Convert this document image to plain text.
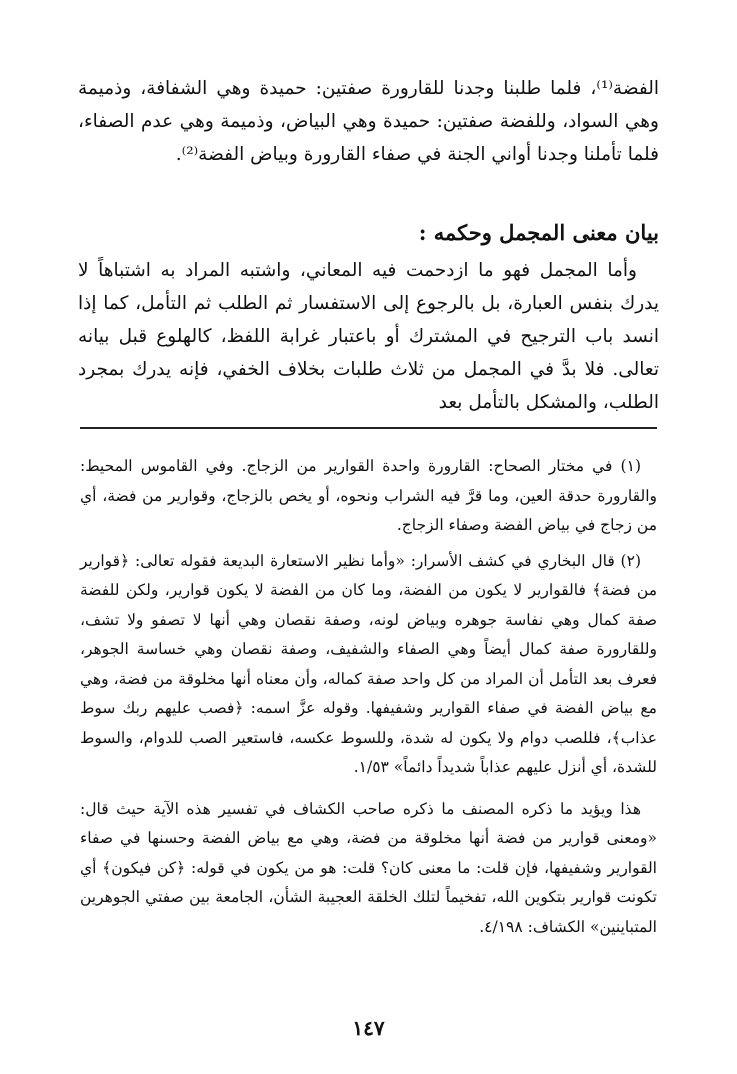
الفضة⁽¹⁾، فلما طلبنا وجدنا للقارورة صفتين: حميدة وهي الشفافة، وذميمة وهي السواد، وللفضة صفتين: حميدة وهي البياض، وذميمة وهي عدم الصفاء، فلما تأملنا وجدنا أواني الجنة في صفاء القارورة وبياض الفضة⁽²⁾.

بيان معنى المجمل وحكمه :

وأما المجمل فهو ما ازدحمت فيه المعاني، واشتبه المراد به اشتباهاً لا يدرك بنفس العبارة، بل بالرجوع إلى الاستفسار ثم الطلب ثم التأمل، كما إذا انسد باب الترجيح في المشترك أو باعتبار غرابة اللفظ، كالهلوع قبل بيانه تعالى. فلا بدَّ في المجمل من ثلاث طلبات بخلاف الخفي، فإنه يدرك بمجرد الطلب، والمشكل بالتأمل بعد

(١) في مختار الصحاح: القارورة واحدة القوارير من الزجاج. وفي القاموس المحيط: والقارورة حدقة العين، وما قرَّ فيه الشراب ونحوه، أو يخص بالزجاج، وقوارير من فضة، أي من زجاج في بياض الفضة وصفاء الزجاج.

(٢) قال البخاري في كشف الأسرار: «وأما نظير الاستعارة البديعة فقوله تعالى: ﴿قوارير من فضة﴾ فالقوارير لا يكون من الفضة، وما كان من الفضة لا يكون قوارير، ولكن للفضة صفة كمال وهي نفاسة جوهره وبياض لونه، وصفة نقصان وهي أنها لا تصفو ولا تشف، وللقارورة صفة كمال أيضاً وهي الصفاء والشفيف، وصفة نقصان وهي خساسة الجوهر، فعرف بعد التأمل أن المراد من كل واحد صفة كماله، وأن معناه أنها مخلوقة من فضة، وهي مع بياض الفضة في صفاء القوارير وشفيفها. وقوله عزَّ اسمه: ﴿فصب عليهم ربك سوط عذاب﴾، فللصب دوام ولا يكون له شدة، وللسوط عكسه، فاستعير الصب للدوام، والسوط للشدة، أي أنزل عليهم عذاباً شديداً دائماً» ١/٥٣.

هذا ويؤيد ما ذكره المصنف ما ذكره صاحب الكشاف في تفسير هذه الآية حيث قال: «ومعنى قوارير من فضة أنها مخلوقة من فضة، وهي مع بياض الفضة وحسنها في صفاء القوارير وشفيفها، فإن قلت: ما معنى كان؟ قلت: هو من يكون في قوله: ﴿كن فيكون﴾ أي تكونت قوارير بتكوين الله، تفخيماً لتلك الخلقة العجيبة الشأن، الجامعة بين صفتي الجوهرين المتباينين» الكشاف: ٤/١٩٨.

١٤٧
